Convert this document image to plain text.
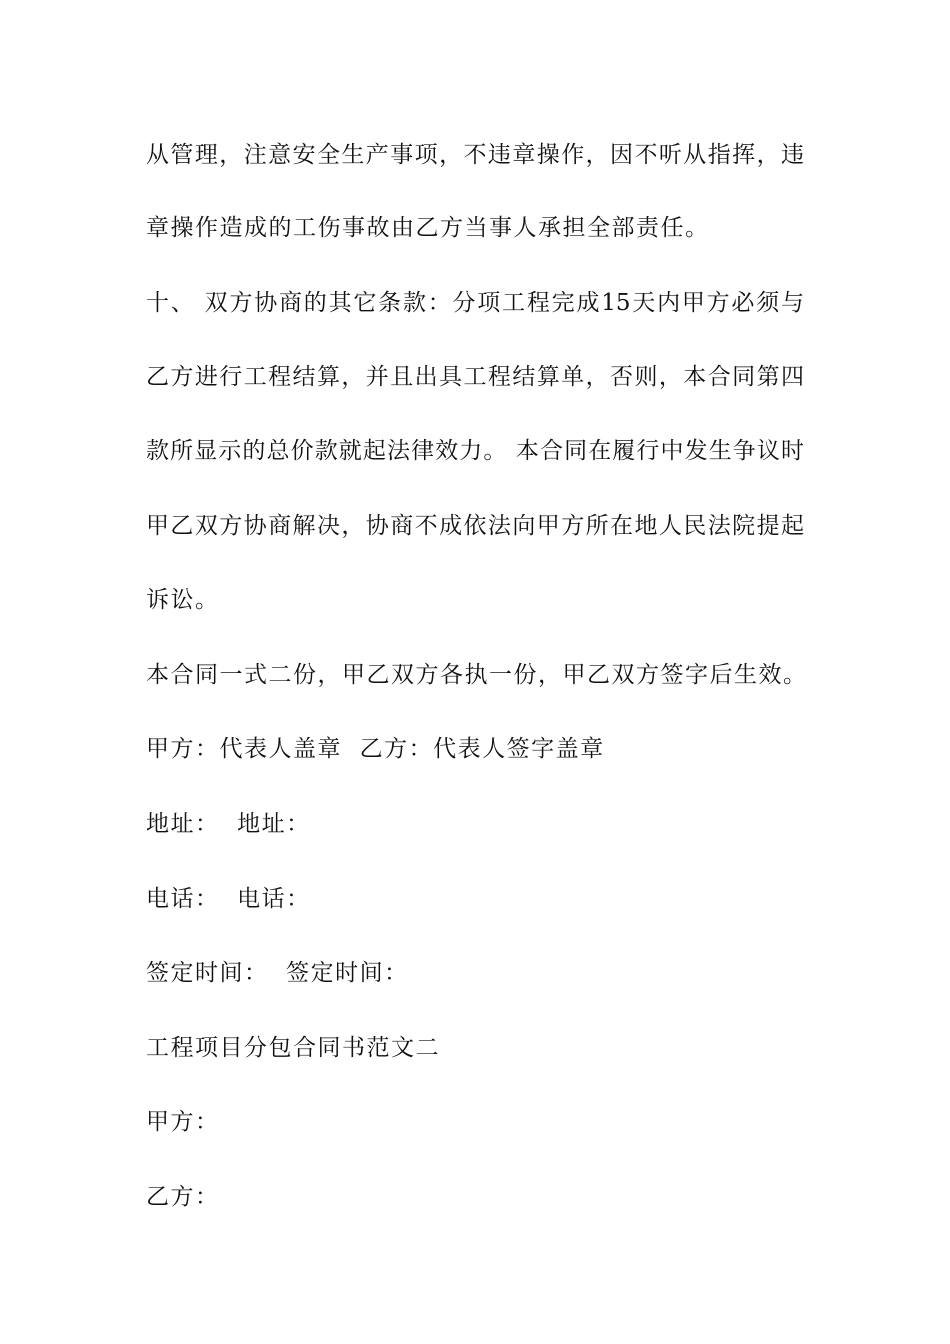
从管理，注意安全生产事项，不违章操作，因不听从指挥，违
章操作造成的工伤事故由乙方当事人承担全部责任。
十、 双方协商的其它条款：分项工程完成15天内甲方必须与
乙方进行工程结算，并且出具工程结算单，否则，本合同第四
款所显示的总价款就起法律效力。 本合同在履行中发生争议时
甲乙双方协商解决，协商不成依法向甲方所在地人民法院提起
诉讼。
本合同一式二份，甲乙双方各执一份，甲乙双方签字后生效。
甲方：代表人盖章  乙方：代表人签字盖章
地址：  地址：
电话：  电话：
签定时间：  签定时间：
工程项目分包合同书范文二
甲方：
乙方：
